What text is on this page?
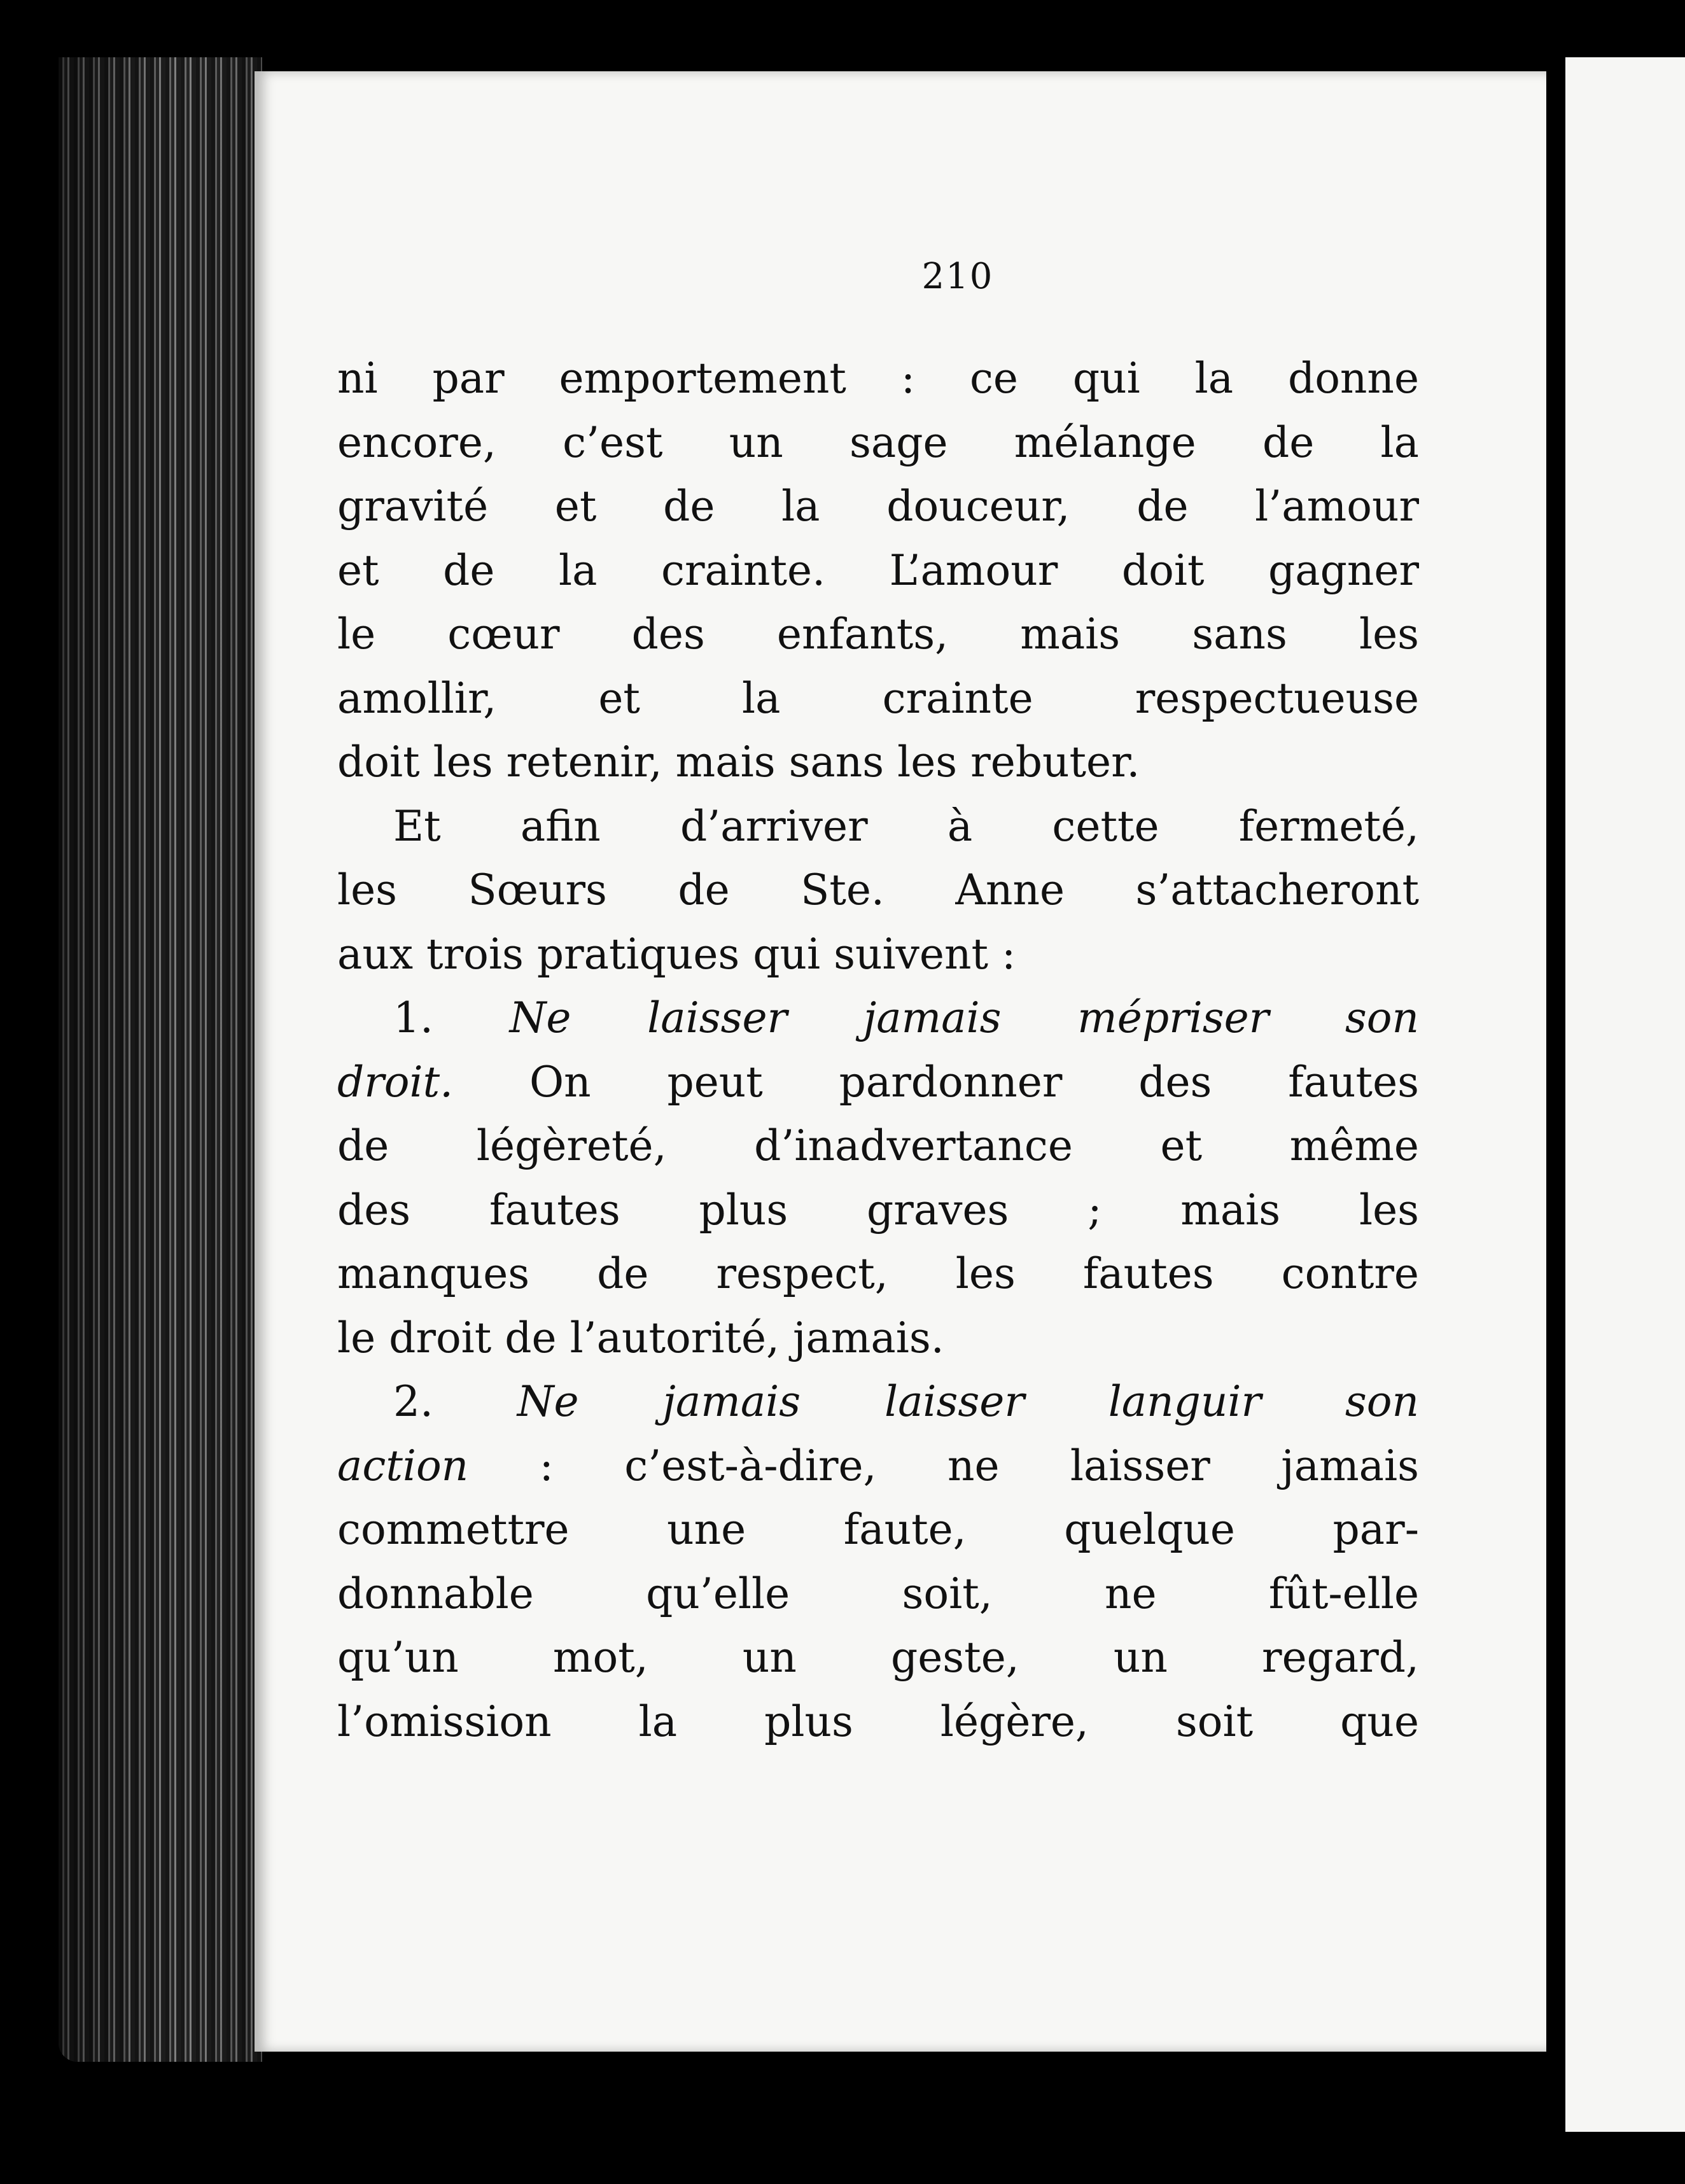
210
ni par emportement : ce qui la donne
encore, c’est un sage mélange de la
gravité et de la douceur, de l’amour
et de la crainte. L’amour doit gagner
le cœur des enfants, mais sans les
amollir, et la crainte respectueuse
doit les retenir, mais sans les rebuter.
Et afin d’arriver à cette fermeté,
les Sœurs de Ste. Anne s’attacheront
aux trois pratiques qui suivent :
1. Ne laisser jamais mépriser son
droit. On peut pardonner des fautes
de légèreté, d’inadvertance et même
des fautes plus graves ; mais les
manques de respect, les fautes contre
le droit de l’autorité, jamais.
2. Ne jamais laisser languir son
action : c’est-à-dire, ne laisser jamais
commettre une faute, quelque par-
donnable qu’elle soit, ne fût-elle
qu’un mot, un geste, un regard,
l’omission la plus légère, soit que
